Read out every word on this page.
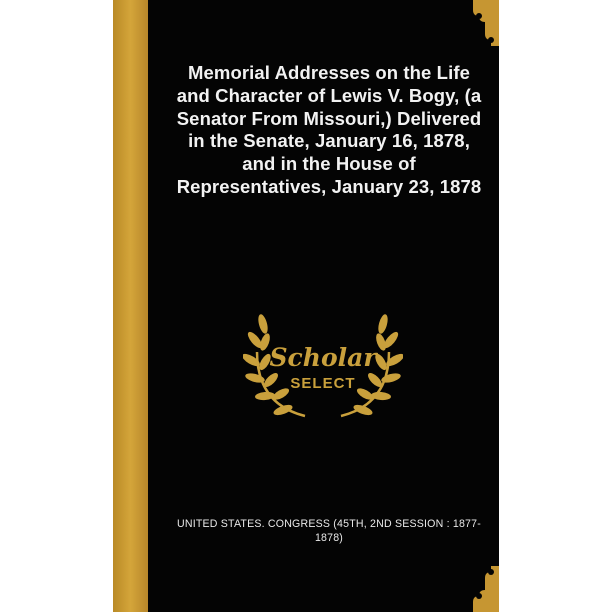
Memorial Addresses on the Life and Character of Lewis V. Bogy, (a Senator From Missouri,) Delivered in the Senate, January 16, 1878, and in the House of Representatives, January 23, 1878
Scholar
SELECT

UNITED STATES. CONGRESS (45TH, 2ND SESSION : 1877-1878)
